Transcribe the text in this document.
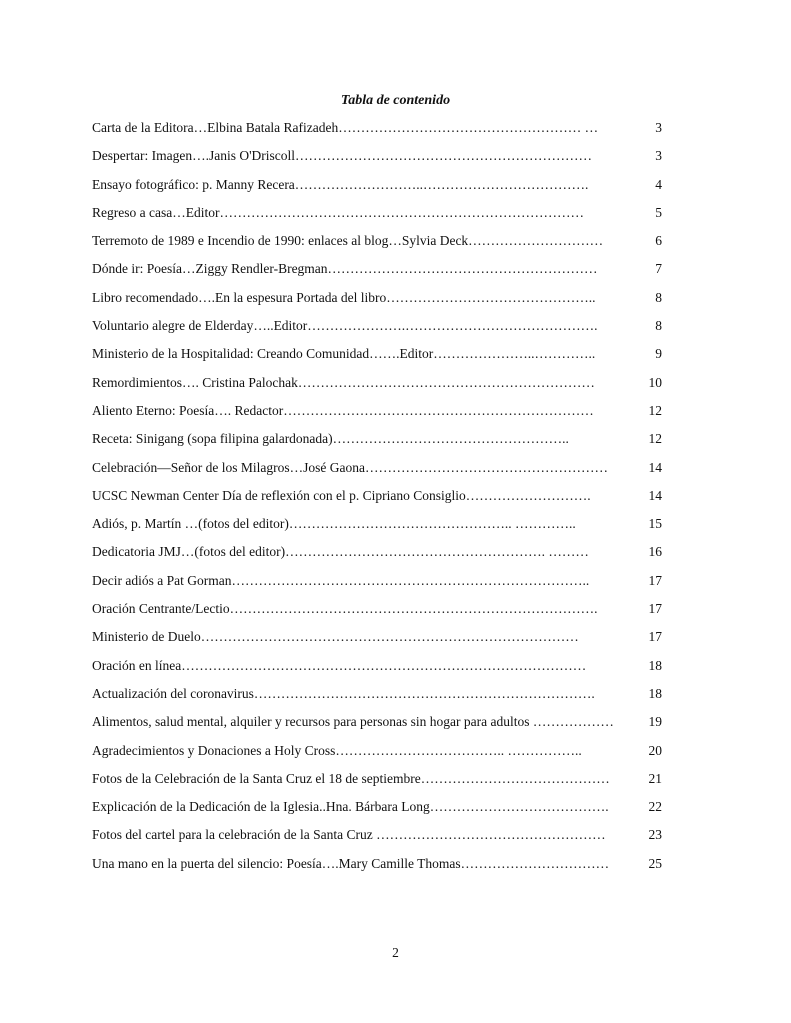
Tabla de contenido
Carta de la Editora…Elbina Batala Rafizadeh……………………………………………… …	3
Despertar: Imagen….Janis O'Driscoll…………………………………………………………	3
Ensayo fotográfico: p. Manny Recera………………………..……………………………….	4
Regreso a casa…Editor………………………………………………………………………	5
Terremoto de 1989 e Incendio de 1990: enlaces al blog…Sylvia Deck…………………………	6
Dónde ir: Poesía…Ziggy Rendler-Bregman……………………………………………………	7
Libro recomendado….En la espesura Portada del libro………………………………………..	8
Voluntario alegre de Elderday…..Editor………………….…………………………………….	8
Ministerio de la Hospitalidad: Creando Comunidad…….Editor…………………..…………..	9
Remordimientos…. Cristina Palochak…………………………………………………………	10
Aliento Eterno: Poesía…. Redactor……………………………………………………………	12
Receta: Sinigang (sopa filipina galardonada)……………………………………………..	12
Celebración—Señor de los Milagros…José Gaona………………………………………………	14
UCSC Newman Center Día de reflexión con el p. Cipriano Consiglio……………………….	14
Adiós, p. Martín …(fotos del editor)………………………………………….. …………..	15
Dedicatoria JMJ…(fotos del editor)…………………………………………………. ………	16
Decir adiós a Pat Gorman……………………………………………………………………..	17
Oración Centrante/Lectio……………………………………………………………………….	17
Ministerio de Duelo…………………………………………………………………………	17
Oración en línea………………………………………………………………………………	18
Actualización del coronavirus………………………………………………………………….	18
Alimentos, salud mental, alquiler y recursos para personas sin hogar para adultos ………………	19
Agradecimientos y Donaciones a Holy Cross……………………………….. ……………..	20
Fotos de la Celebración de la Santa Cruz el 18 de septiembre……………………………………	21
Explicación de la Dedicación de la Iglesia..Hna. Bárbara Long………………………………….	22
Fotos del cartel para la celebración de la Santa Cruz ……………………………………………	23
Una mano en la puerta del silencio: Poesía….Mary Camille Thomas……………………………	25
2
